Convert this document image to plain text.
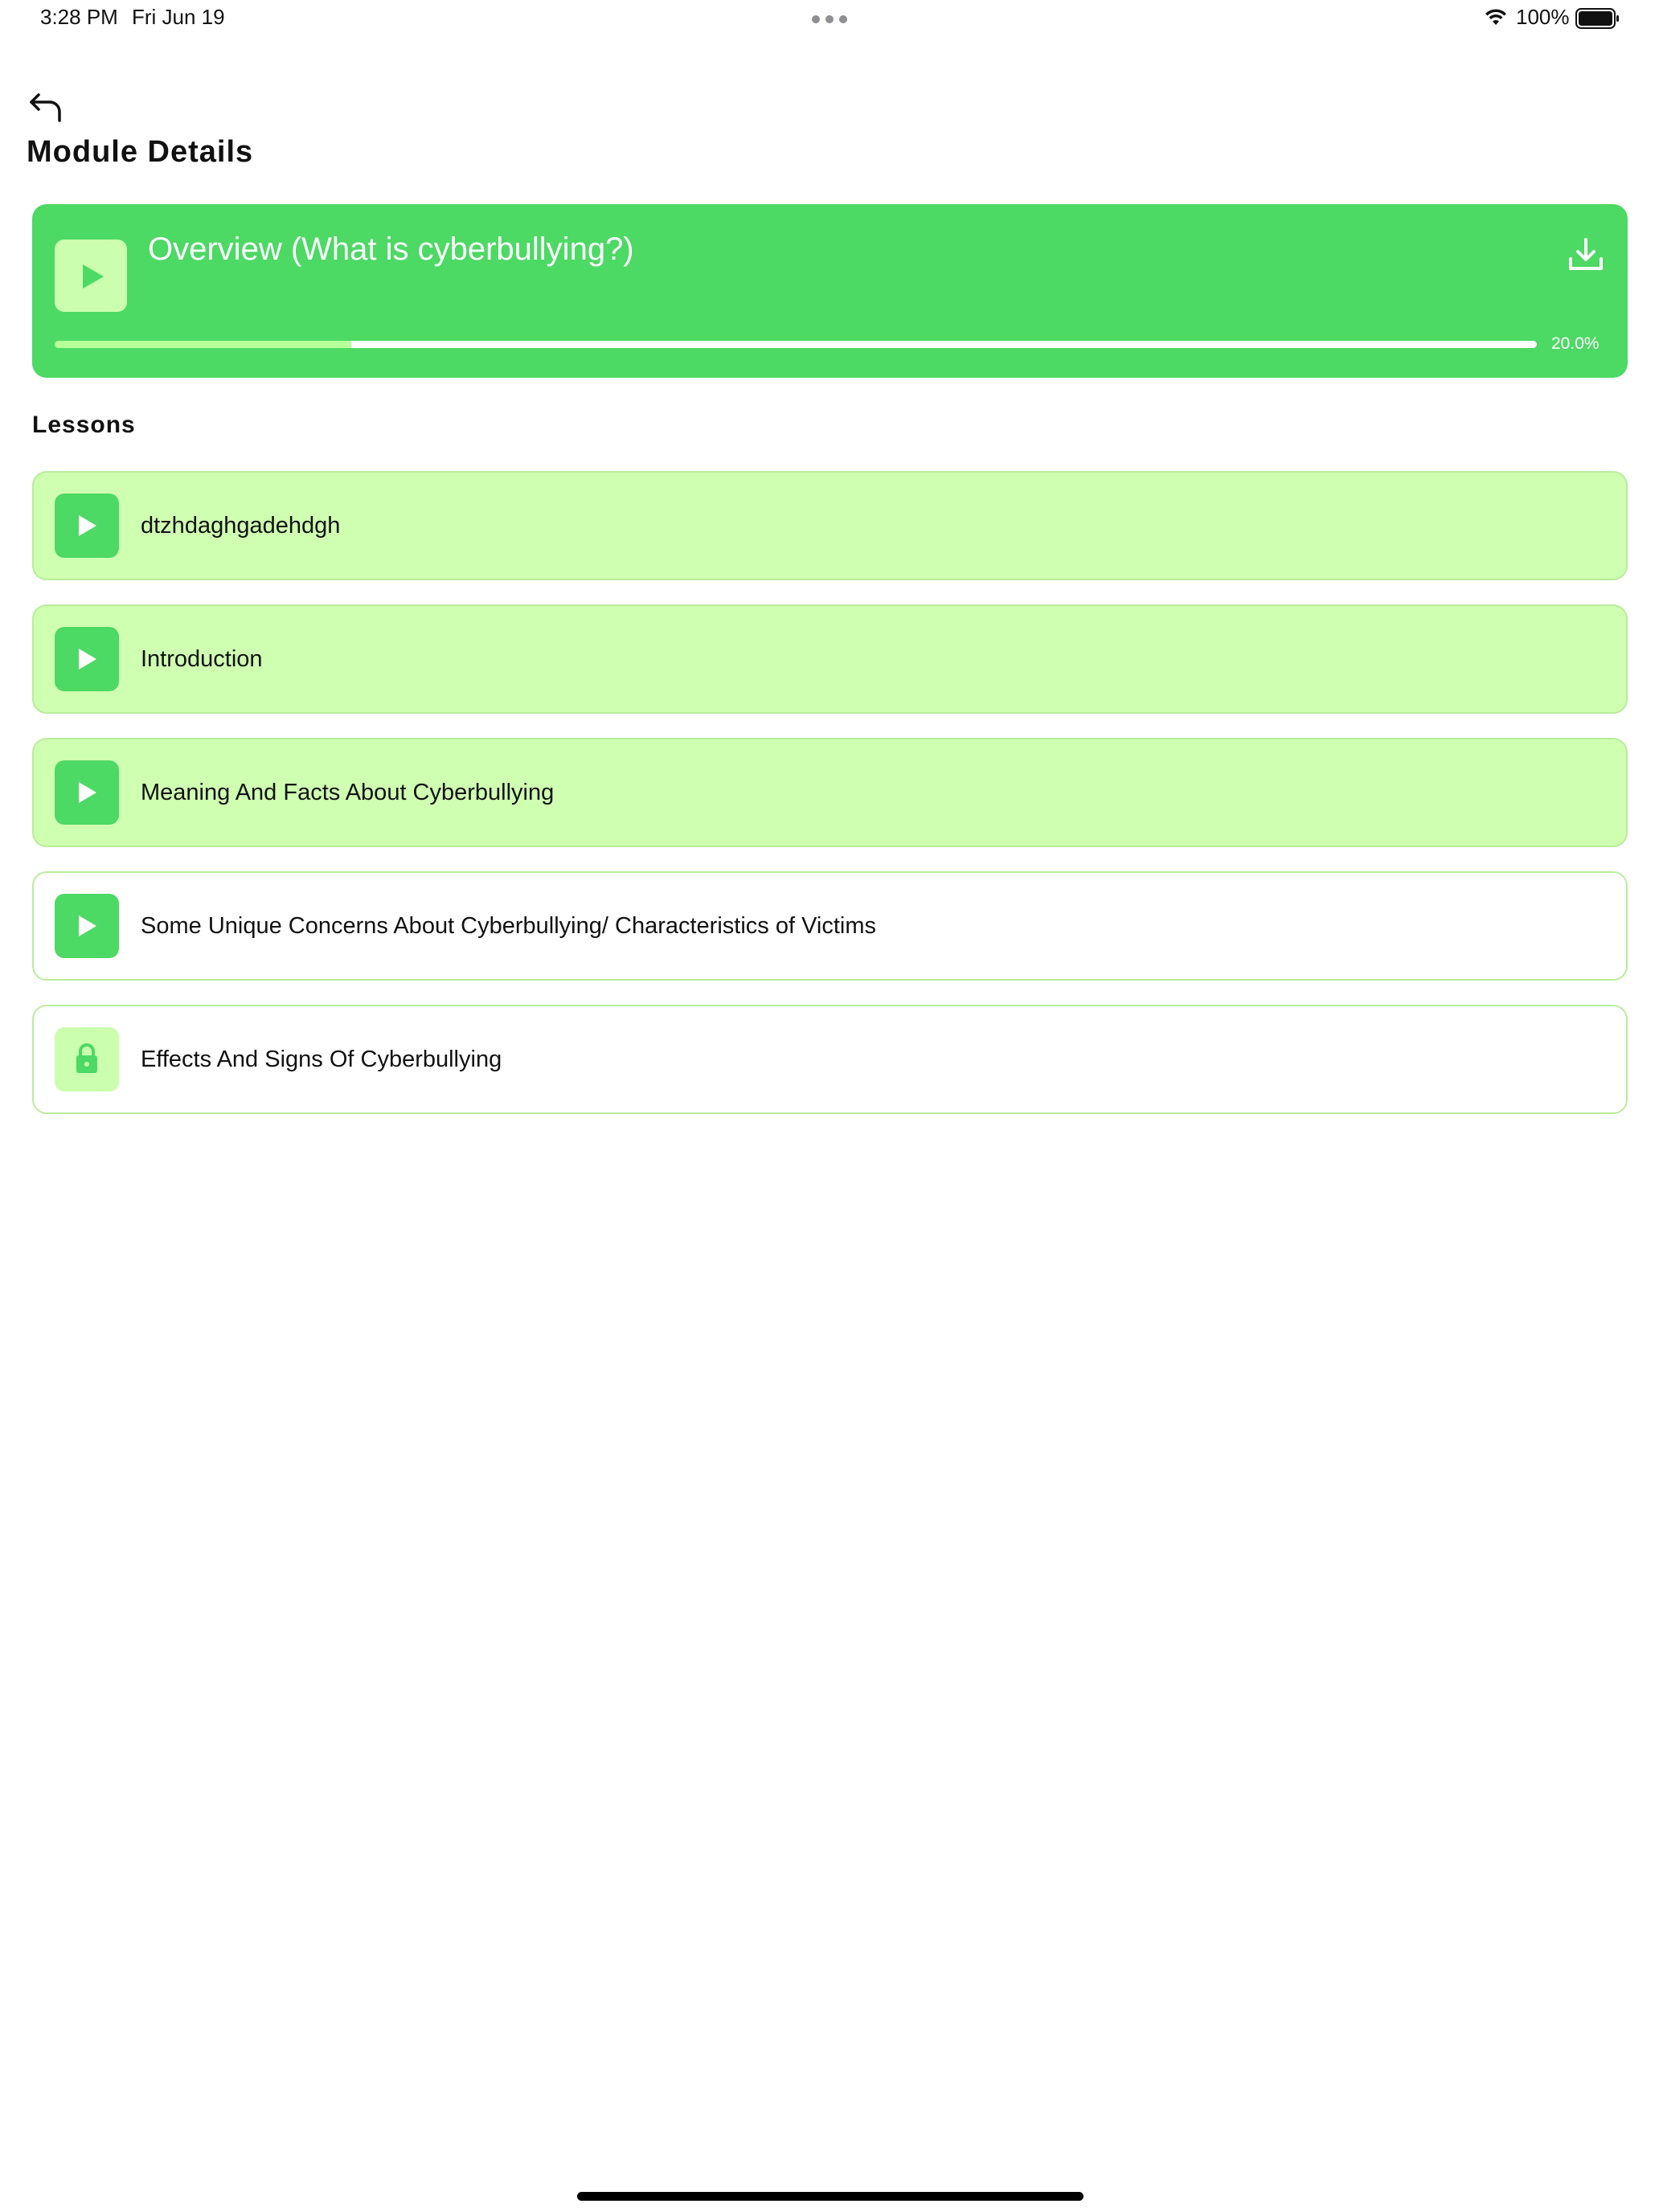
3:28 PM Fri Jun 19	100%
Module Details
Overview (What is cyberbullying?)
20.0%
Lessons
dtzhdaghgadehdgh
Introduction
Meaning And Facts About Cyberbullying
Some Unique Concerns About Cyberbullying/ Characteristics of Victims
Effects And Signs Of Cyberbullying
